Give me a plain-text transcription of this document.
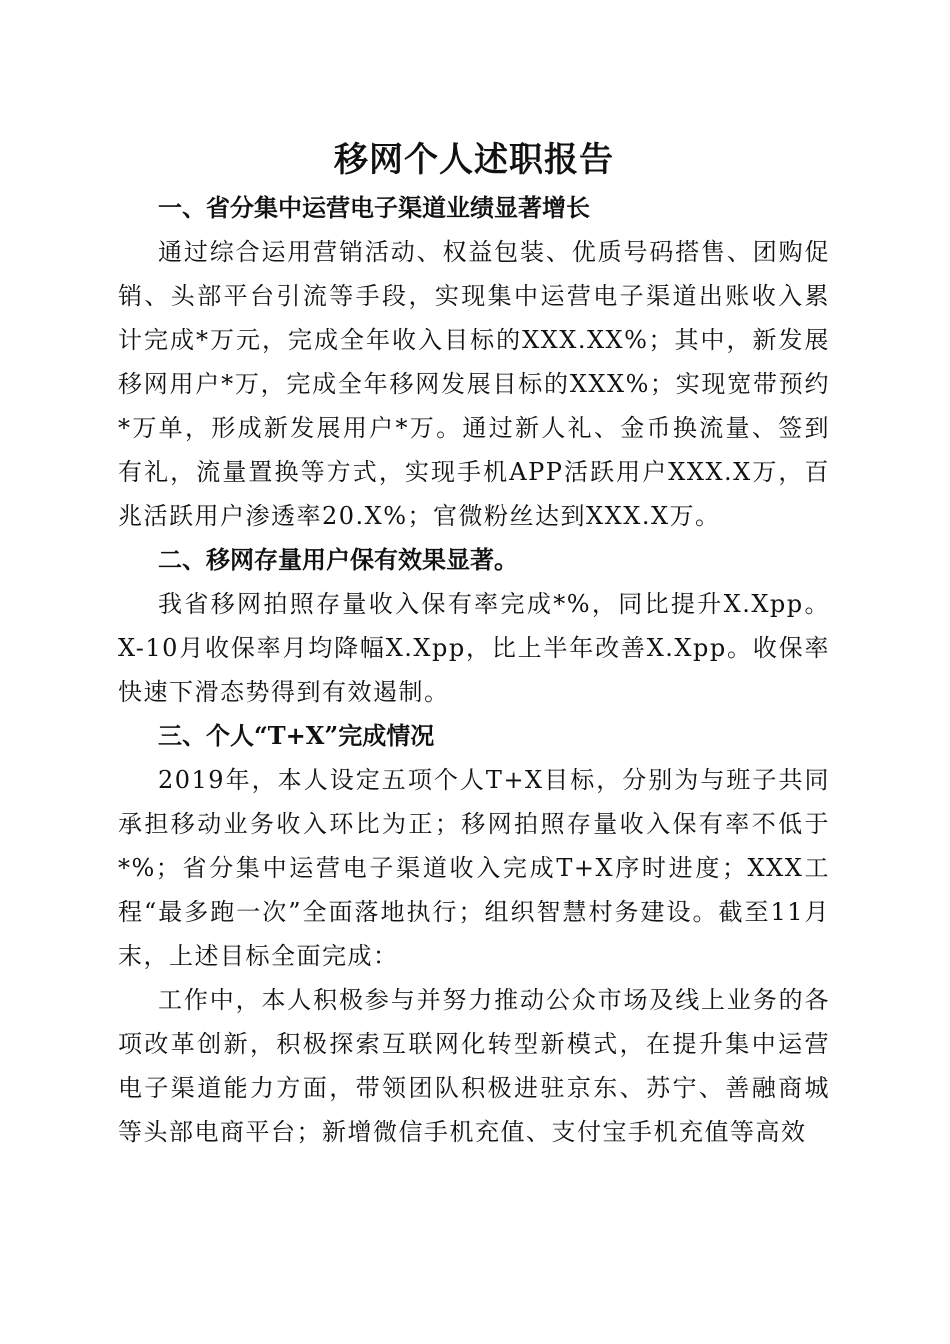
移网个人述职报告
一、省分集中运营电子渠道业绩显著增长

通过综合运用营销活动、权益包装、优质号码搭售、团购促销、头部平台引流等手段，实现集中运营电子渠道出账收入累计完成*万元，完成全年收入目标的XXX.XX%；其中，新发展移网用户*万，完成全年移网发展目标的XXX%；实现宽带预约*万单，形成新发展用户*万。通过新人礼、金币换流量、签到有礼，流量置换等方式，实现手机APP活跃用户XXX.X万，百兆活跃用户渗透率20.X%；官微粉丝达到XXX.X万。

二、移网存量用户保有效果显著。

我省移网拍照存量收入保有率完成*%，同比提升X.Xpp。X-10月收保率月均降幅X.Xpp，比上半年改善X.Xpp。收保率快速下滑态势得到有效遏制。

三、个人“T+X”完成情况

2019年，本人设定五项个人T+X目标，分别为与班子共同承担移动业务收入环比为正；移网拍照存量收入保有率不低于*%；省分集中运营电子渠道收入完成T+X序时进度；XXX工程“最多跑一次”全面落地执行；组织智慧村务建设。截至11月末，上述目标全面完成：

工作中，本人积极参与并努力推动公众市场及线上业务的各项改革创新，积极探索互联网化转型新模式，在提升集中运营电子渠道能力方面，带领团队积极进驻京东、苏宁、善融商城等头部电商平台；新增微信手机充值、支付宝手机充值等高效
